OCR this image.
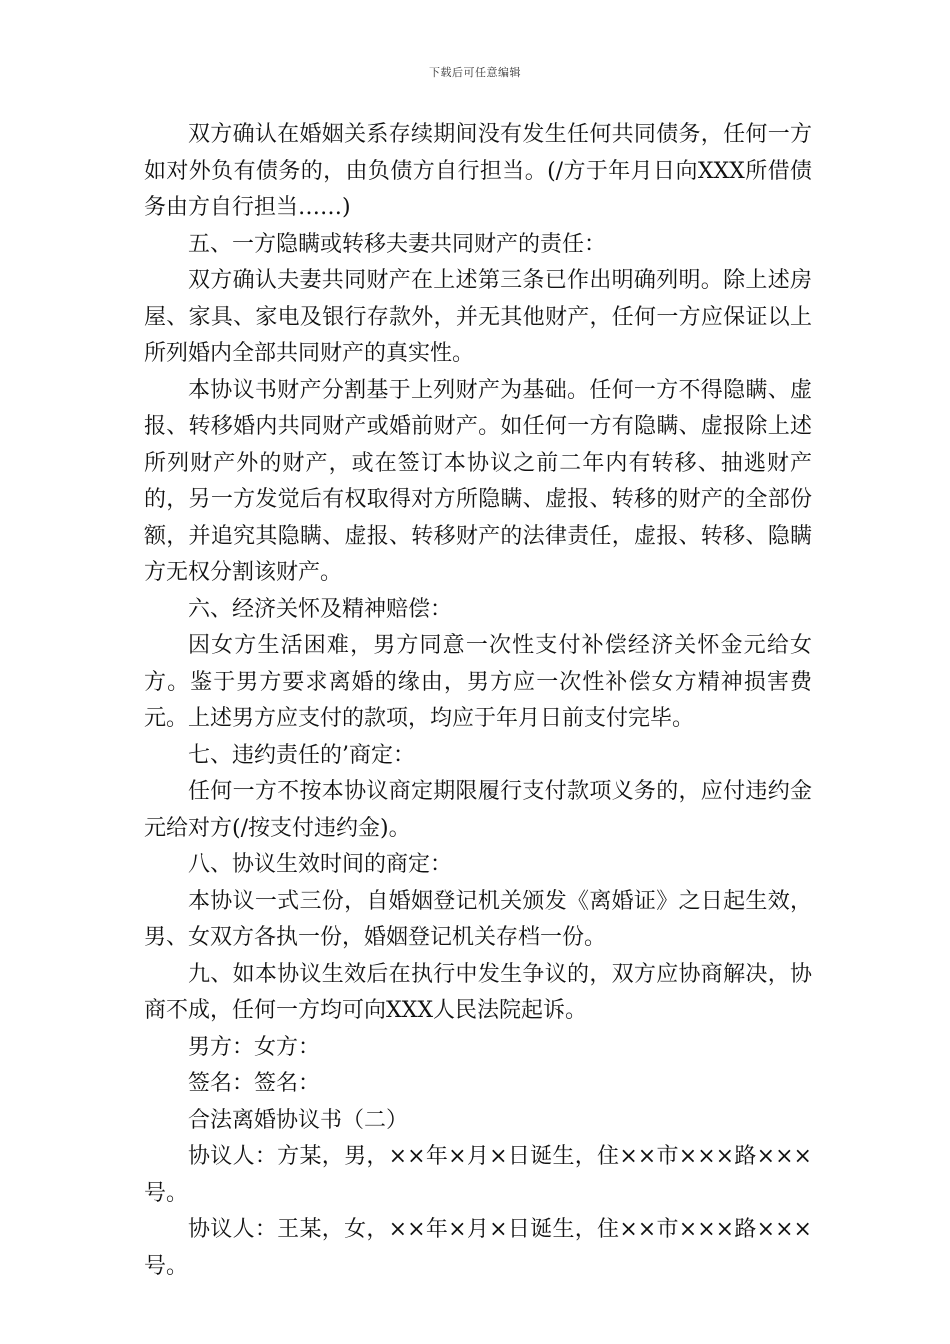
下载后可任意编辑

双方确认在婚姻关系存续期间没有发生任何共同债务，任何一方如对外负有债务的，由负债方自行担当。(/方于年月日向XXX所借债务由方自行担当……)

五、一方隐瞒或转移夫妻共同财产的责任：

双方确认夫妻共同财产在上述第三条已作出明确列明。除上述房屋、家具、家电及银行存款外，并无其他财产，任何一方应保证以上所列婚内全部共同财产的真实性。

本协议书财产分割基于上列财产为基础。任何一方不得隐瞒、虚报、转移婚内共同财产或婚前财产。如任何一方有隐瞒、虚报除上述所列财产外的财产，或在签订本协议之前二年内有转移、抽逃财产的，另一方发觉后有权取得对方所隐瞒、虚报、转移的财产的全部份额，并追究其隐瞒、虚报、转移财产的法律责任，虚报、转移、隐瞒方无权分割该财产。

六、经济关怀及精神赔偿：

因女方生活困难，男方同意一次性支付补偿经济关怀金元给女方。鉴于男方要求离婚的缘由，男方应一次性补偿女方精神损害费元。上述男方应支付的款项，均应于年月日前支付完毕。

七、违约责任的’商定：

任何一方不按本协议商定期限履行支付款项义务的，应付违约金元给对方(/按支付违约金)。

八、协议生效时间的商定：

本协议一式三份，自婚姻登记机关颁发《离婚证》之日起生效，男、女双方各执一份，婚姻登记机关存档一份。

九、如本协议生效后在执行中发生争议的，双方应协商解决，协商不成，任何一方均可向XXX人民法院起诉。

男方：女方：

签名：签名：

合法离婚协议书（二）

协议人：方某，男，××年×月×日诞生，住××市×××路×××号。

协议人：王某，女，××年×月×日诞生，住××市×××路×××号。
